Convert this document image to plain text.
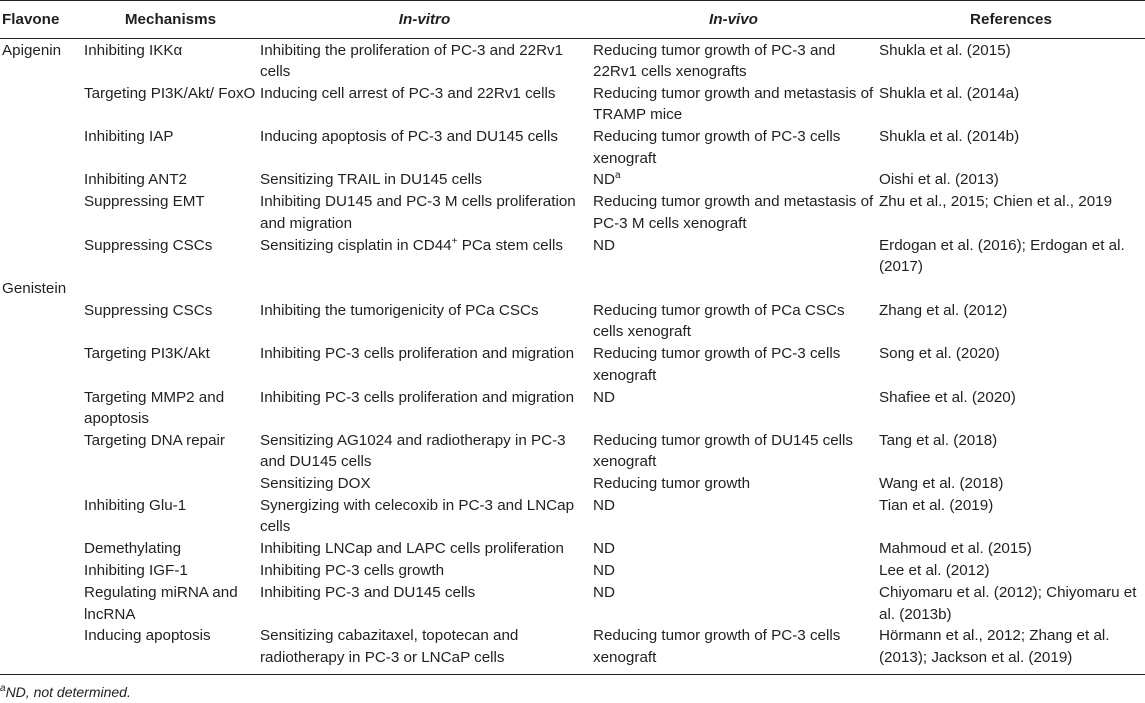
Flavone	Mechanisms	In-vitro	In-vivo	References
Apigenin	Inhibiting IKKα	Inhibiting the proliferation of PC-3 and 22Rv1 cells	Reducing tumor growth of PC-3 and 22Rv1 cells xenografts	Shukla et al. (2015)
	Targeting PI3K/Akt/ FoxO	Inducing cell arrest of PC-3 and 22Rv1 cells	Reducing tumor growth and metastasis of TRAMP mice	Shukla et al. (2014a)
	Inhibiting IAP	Inducing apoptosis of PC-3 and DU145 cells	Reducing tumor growth of PC-3 cells xenograft	Shukla et al. (2014b)
	Inhibiting ANT2	Sensitizing TRAIL in DU145 cells	$ND^a$	Oishi et al. (2013)
	Suppressing EMT	Inhibiting DU145 and PC-3 M cells proliferation and migration	Reducing tumor growth and metastasis of PC-3 M cells xenograft	Zhu et al., 2015; Chien et al., 2019
	Suppressing CSCs	Sensitizing cisplatin in CD44+ PCa stem cells	ND	Erdogan et al. (2016); Erdogan et al. (2017)
Genistein				
	Suppressing CSCs	Inhibiting the tumorigenicity of PCa CSCs	Reducing tumor growth of PCa CSCs cells xenograft	Zhang et al. (2012)
	Targeting PI3K/Akt	Inhibiting PC-3 cells proliferation and migration	Reducing tumor growth of PC-3 cells xenograft	Song et al. (2020)
	Targeting MMP2 and apoptosis	Inhibiting PC-3 cells proliferation and migration	ND	Shafiee et al. (2020)
	Targeting DNA repair	Sensitizing AG1024 and radiotherapy in PC-3 and DU145 cells	Reducing tumor growth of DU145 cells xenograft	Tang et al. (2018)
		Sensitizing DOX	Reducing tumor growth	Wang et al. (2018)
	Inhibiting Glu-1	Synergizing with celecoxib in PC-3 and LNCap cells	ND	Tian et al. (2019)
	Demethylating	Inhibiting LNCap and LAPC cells proliferation	ND	Mahmoud et al. (2015)
	Inhibiting IGF-1	Inhibiting PC-3 cells growth	ND	Lee et al. (2012)
	Regulating miRNA and lncRNA	Inhibiting PC-3 and DU145 cells	ND	Chiyomaru et al. (2012); Chiyomaru et al. (2013b)
	Inducing apoptosis	Sensitizing cabazitaxel, topotecan and radiotherapy in PC-3 or LNCaP cells	Reducing tumor growth of PC-3 cells xenograft	Hörmann et al., 2012; Zhang et al. (2013); Jackson et al. (2019)
$^a$ND, not determined.
